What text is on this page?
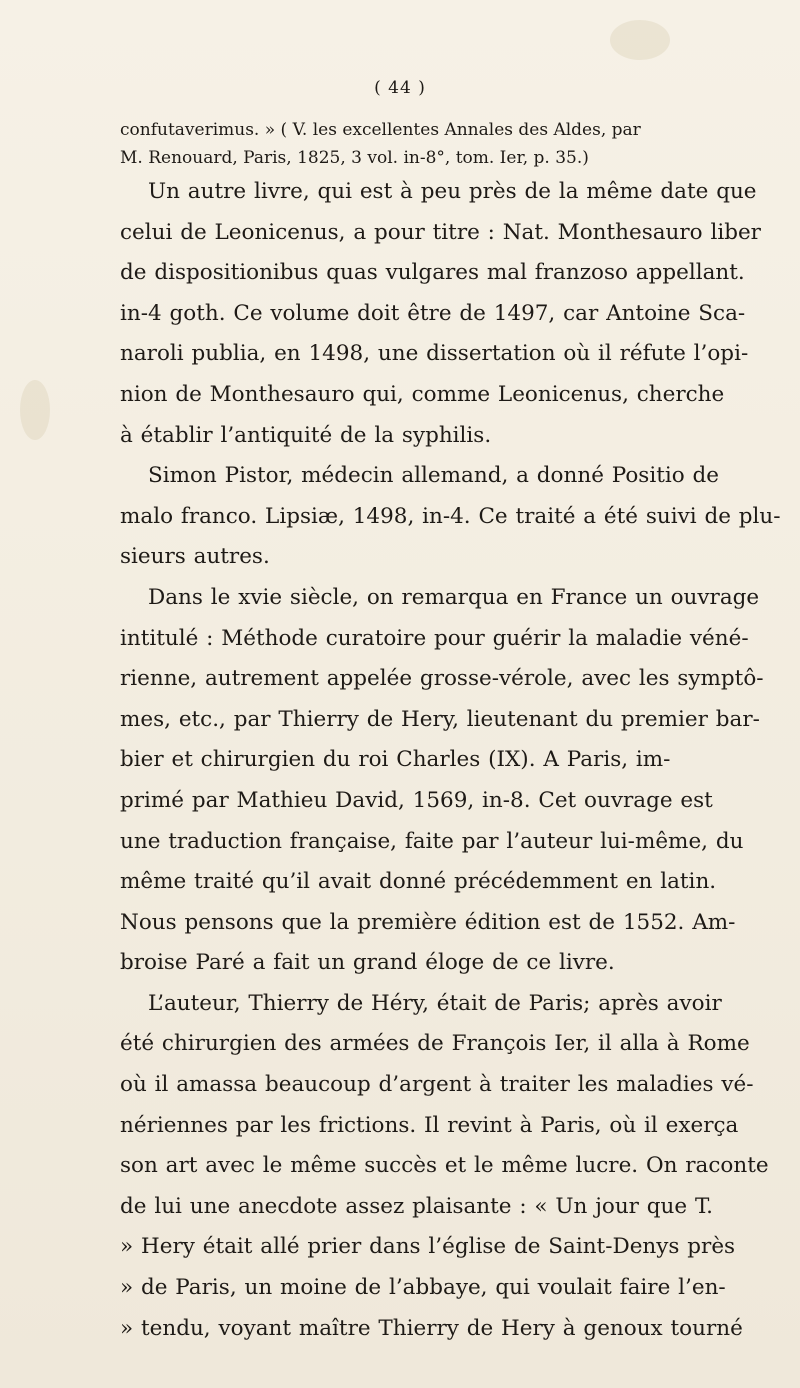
( 44 )

confutaverimus. » ( V. les excellentes Annales des Aldes, par
M. Renouard, Paris, 1825, 3 vol. in-8°, tom. Ier, p. 35.)

Un autre livre, qui est à peu près de la même date que
celui de Leonicenus, a pour titre : Nat. Monthesauro liber
de dispositionibus quas vulgares mal franzoso appellant.
in-4 goth. Ce volume doit être de 1497, car Antoine Sca-
naroli publia, en 1498, une dissertation où il réfute l’opi-
nion de Monthesauro qui, comme Leonicenus, cherche
à établir l’antiquité de la syphilis.

Simon Pistor, médecin allemand, a donné Positio de
malo franco. Lipsiæ, 1498, in-4. Ce traité a été suivi de plu-
sieurs autres.

Dans le xvie siècle, on remarqua en France un ouvrage
intitulé : Méthode curatoire pour guérir la maladie véné-
rienne, autrement appelée grosse-vérole, avec les symptô-
mes, etc., par Thierry de Hery, lieutenant du premier bar-
bier et chirurgien du roi Charles (IX). A Paris, im-
primé par Mathieu David, 1569, in-8. Cet ouvrage est
une traduction française, faite par l’auteur lui-même, du
même traité qu’il avait donné précédemment en latin.
Nous pensons que la première édition est de 1552. Am-
broise Paré a fait un grand éloge de ce livre.

L’auteur, Thierry de Héry, était de Paris; après avoir
été chirurgien des armées de François Ier, il alla à Rome
où il amassa beaucoup d’argent à traiter les maladies vé-
nériennes par les frictions. Il revint à Paris, où il exerça
son art avec le même succès et le même lucre. On raconte
de lui une anecdote assez plaisante : « Un jour que T.
» Hery était allé prier dans l’église de Saint-Denys près
» de Paris, un moine de l’abbaye, qui voulait faire l’en-
» tendu, voyant maître Thierry de Hery à genoux tourné
